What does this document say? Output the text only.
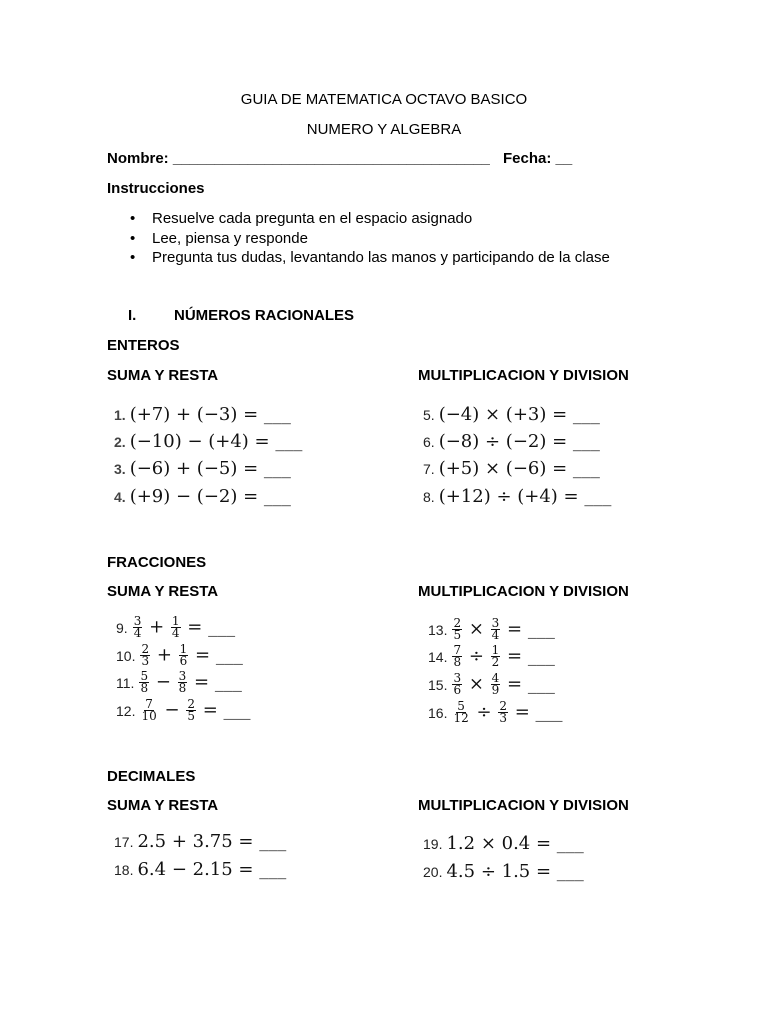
GUIA DE MATEMATICA OCTAVO BASICO
NUMERO Y ALGEBRA
Nombre: ______________________________________ Fecha: __
Instrucciones
• Resuelve cada pregunta en el espacio asignado
• Lee, piensa y responde
• Pregunta tus dudas, levantando las manos y participando de la clase
I.	NÚMEROS RACIONALES
ENTEROS
SUMA Y RESTA	MULTIPLICACION Y DIVISION
1. (+7) + (−3) = ___
2. (−10) − (+4) = ___
3. (−6) + (−5) = ___
4. (+9) − (−2) = ___
5. (−4) × (+3) = ___
6. (−8) ÷ (−2) = ___
7. (+5) × (−6) = ___
8. (+12) ÷ (+4) = ___
FRACCIONES
SUMA Y RESTA	MULTIPLICACION Y DIVISION
9. $\frac{3}{4} + \frac{1}{4}$ = ___
10. $\frac{2}{3} + \frac{1}{6}$ = ___
11. $\frac{5}{8} - \frac{3}{8}$ = ___
12. $\frac{7}{10} - \frac{2}{5}$ = ___
13. $\frac{2}{5} \times \frac{3}{4}$ = ___
14. $\frac{7}{8} \div \frac{1}{2}$ = ___
15. $\frac{3}{6} \times \frac{4}{9}$ = ___
16. $\frac{5}{12} \div \frac{2}{3}$ = ___
DECIMALES
SUMA Y RESTA	MULTIPLICACION Y DIVISION
17. 2.5 + 3.75 = ___
18. 6.4 − 2.15 = ___
19. 1.2 × 0.4 = ___
20. 4.5 ÷ 1.5 = ___
